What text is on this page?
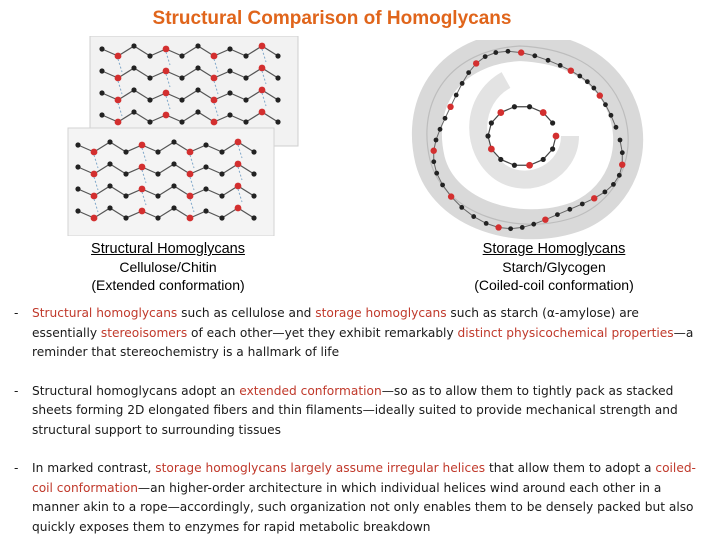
Structural Comparison of Homoglycans
Structural Homoglycans
Cellulose/Chitin
(Extended conformation)
Storage Homoglycans
Starch/Glycogen
(Coiled-coil conformation)
- Structural homoglycans such as cellulose and storage homoglycans such as starch (α-amylose) are essentially stereoisomers of each other—yet they exhibit remarkably distinct physicochemical properties—a reminder that stereochemistry is a hallmark of life
- Structural homoglycans adopt an extended conformation—so as to allow them to tightly pack as stacked sheets forming 2D elongated fibers and thin filaments—ideally suited to provide mechanical strength and structural support to surrounding tissues
- In marked contrast, storage homoglycans largely assume irregular helices that allow them to adopt a coiled-coil conformation—an higher-order architecture in which individual helices wind around each other in a manner akin to a rope—accordingly, such organization not only enables them to be densely packed but also quickly exposes them to enzymes for rapid metabolic breakdown
